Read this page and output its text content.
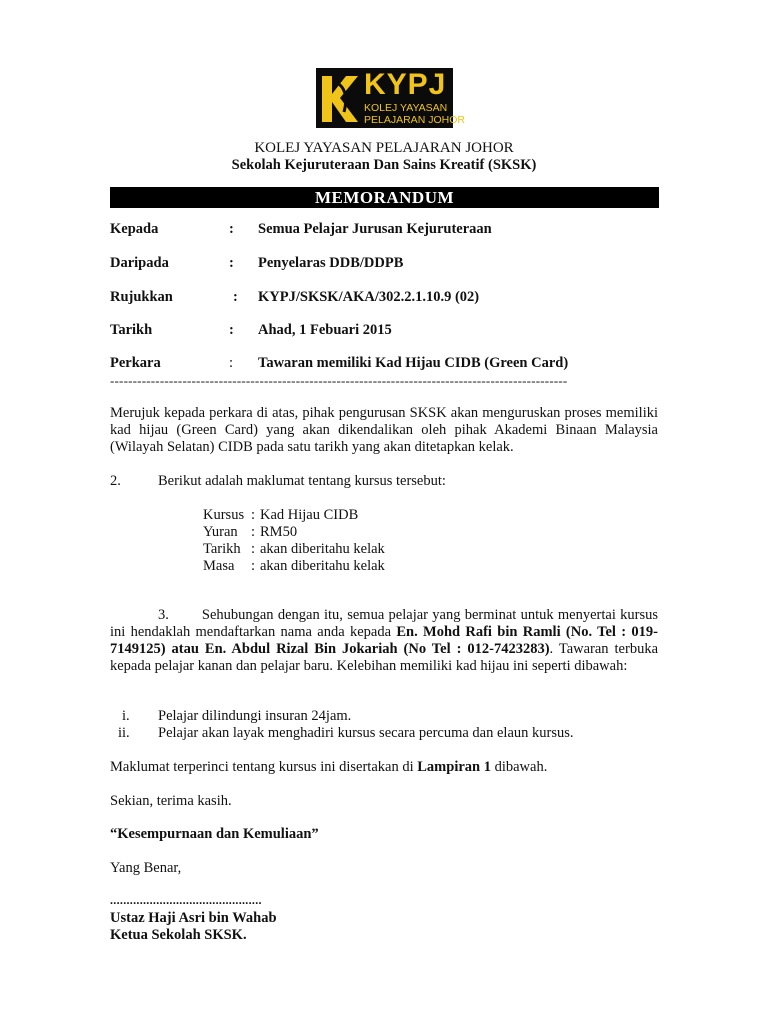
KYPJ
KOLEJ YAYASAN
PELAJARAN JOHOR
KOLEJ YAYASAN PELAJARAN JOHOR
Sekolah Kejuruteraan Dan Sains Kreatif (SKSK)
MEMORANDUM
Kepada	: Semua Pelajar Jurusan Kejuruteraan
Daripada	: Penyelaras DDB/DDPB
Rujukkan	: KYPJ/SKSK/AKA/302.2.1.10.9 (02)
Tarikh	: Ahad, 1 Febuari 2015
Perkara	: Tawaran memiliki Kad Hijau CIDB (Green Card)
-----------------------------------------------------------------------------------------------------
Merujuk kepada perkara di atas, pihak pengurusan SKSK akan menguruskan proses memiliki kad hijau (Green Card) yang akan dikendalikan oleh pihak Akademi Binaan Malaysia (Wilayah Selatan) CIDB pada satu tarikh yang akan ditetapkan kelak.
2.	Berikut adalah maklumat tentang kursus tersebut:
Kursus : Kad Hijau CIDB
Yuran : RM50
Tarikh : akan diberitahu kelak
Masa : akan diberitahu kelak
3. Sehubungan dengan itu, semua pelajar yang berminat untuk menyertai kursus ini hendaklah mendaftarkan nama anda kepada En. Mohd Rafi bin Ramli (No. Tel : 019-7149125) atau En. Abdul Rizal Bin Jokariah (No Tel : 012-7423283). Tawaran terbuka kepada pelajar kanan dan pelajar baru. Kelebihan memiliki kad hijau ini seperti dibawah:
i. Pelajar dilindungi insuran 24jam.
ii. Pelajar akan layak menghadiri kursus secara percuma dan elaun kursus.
Maklumat terperinci tentang kursus ini disertakan di Lampiran 1 dibawah.
Sekian, terima kasih.
“Kesempurnaan dan Kemuliaan”
Yang Benar,
..............................................
Ustaz Haji Asri bin Wahab
Ketua Sekolah SKSK.
